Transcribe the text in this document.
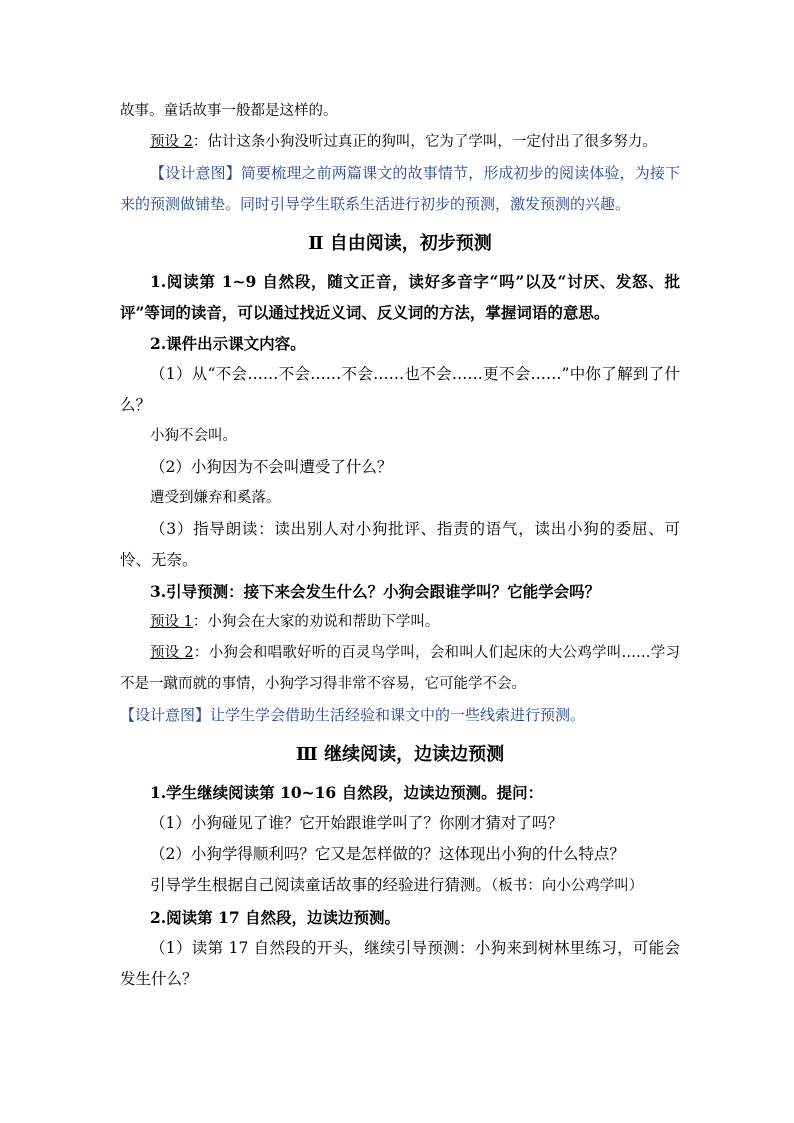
故事。童话故事一般都是这样的。

预设 2：估计这条小狗没听过真正的狗叫，它为了学叫，一定付出了很多努力。

【设计意图】简要梳理之前两篇课文的故事情节，形成初步的阅读体验，为接下来的预测做铺垫。同时引导学生联系生活进行初步的预测，激发预测的兴趣。

Ⅱ 自由阅读，初步预测

1.阅读第 1~9 自然段，随文正音，读好多音字“吗”以及“讨厌、发怒、批评”等词的读音，可以通过找近义词、反义词的方法，掌握词语的意思。

2.课件出示课文内容。

（1）从“不会……不会……不会……也不会……更不会……”中你了解到了什么？

小狗不会叫。

（2）小狗因为不会叫遭受了什么？

遭受到嫌弃和奚落。

（3）指导朗读：读出别人对小狗批评、指责的语气，读出小狗的委屈、可怜、无奈。

3.引导预测：接下来会发生什么？小狗会跟谁学叫？它能学会吗？

预设 1：小狗会在大家的劝说和帮助下学叫。

预设 2：小狗会和唱歌好听的百灵鸟学叫，会和叫人们起床的大公鸡学叫……学习不是一蹴而就的事情，小狗学习得非常不容易，它可能学不会。

【设计意图】让学生学会借助生活经验和课文中的一些线索进行预测。

Ⅲ 继续阅读，边读边预测

1.学生继续阅读第 10~16 自然段，边读边预测。提问：

（1）小狗碰见了谁？它开始跟谁学叫了？你刚才猜对了吗？

（2）小狗学得顺利吗？它又是怎样做的？这体现出小狗的什么特点？

引导学生根据自己阅读童话故事的经验进行猜测。（板书：向小公鸡学叫）

2.阅读第 17 自然段，边读边预测。

（1）读第 17 自然段的开头，继续引导预测：小狗来到树林里练习，可能会发生什么？
